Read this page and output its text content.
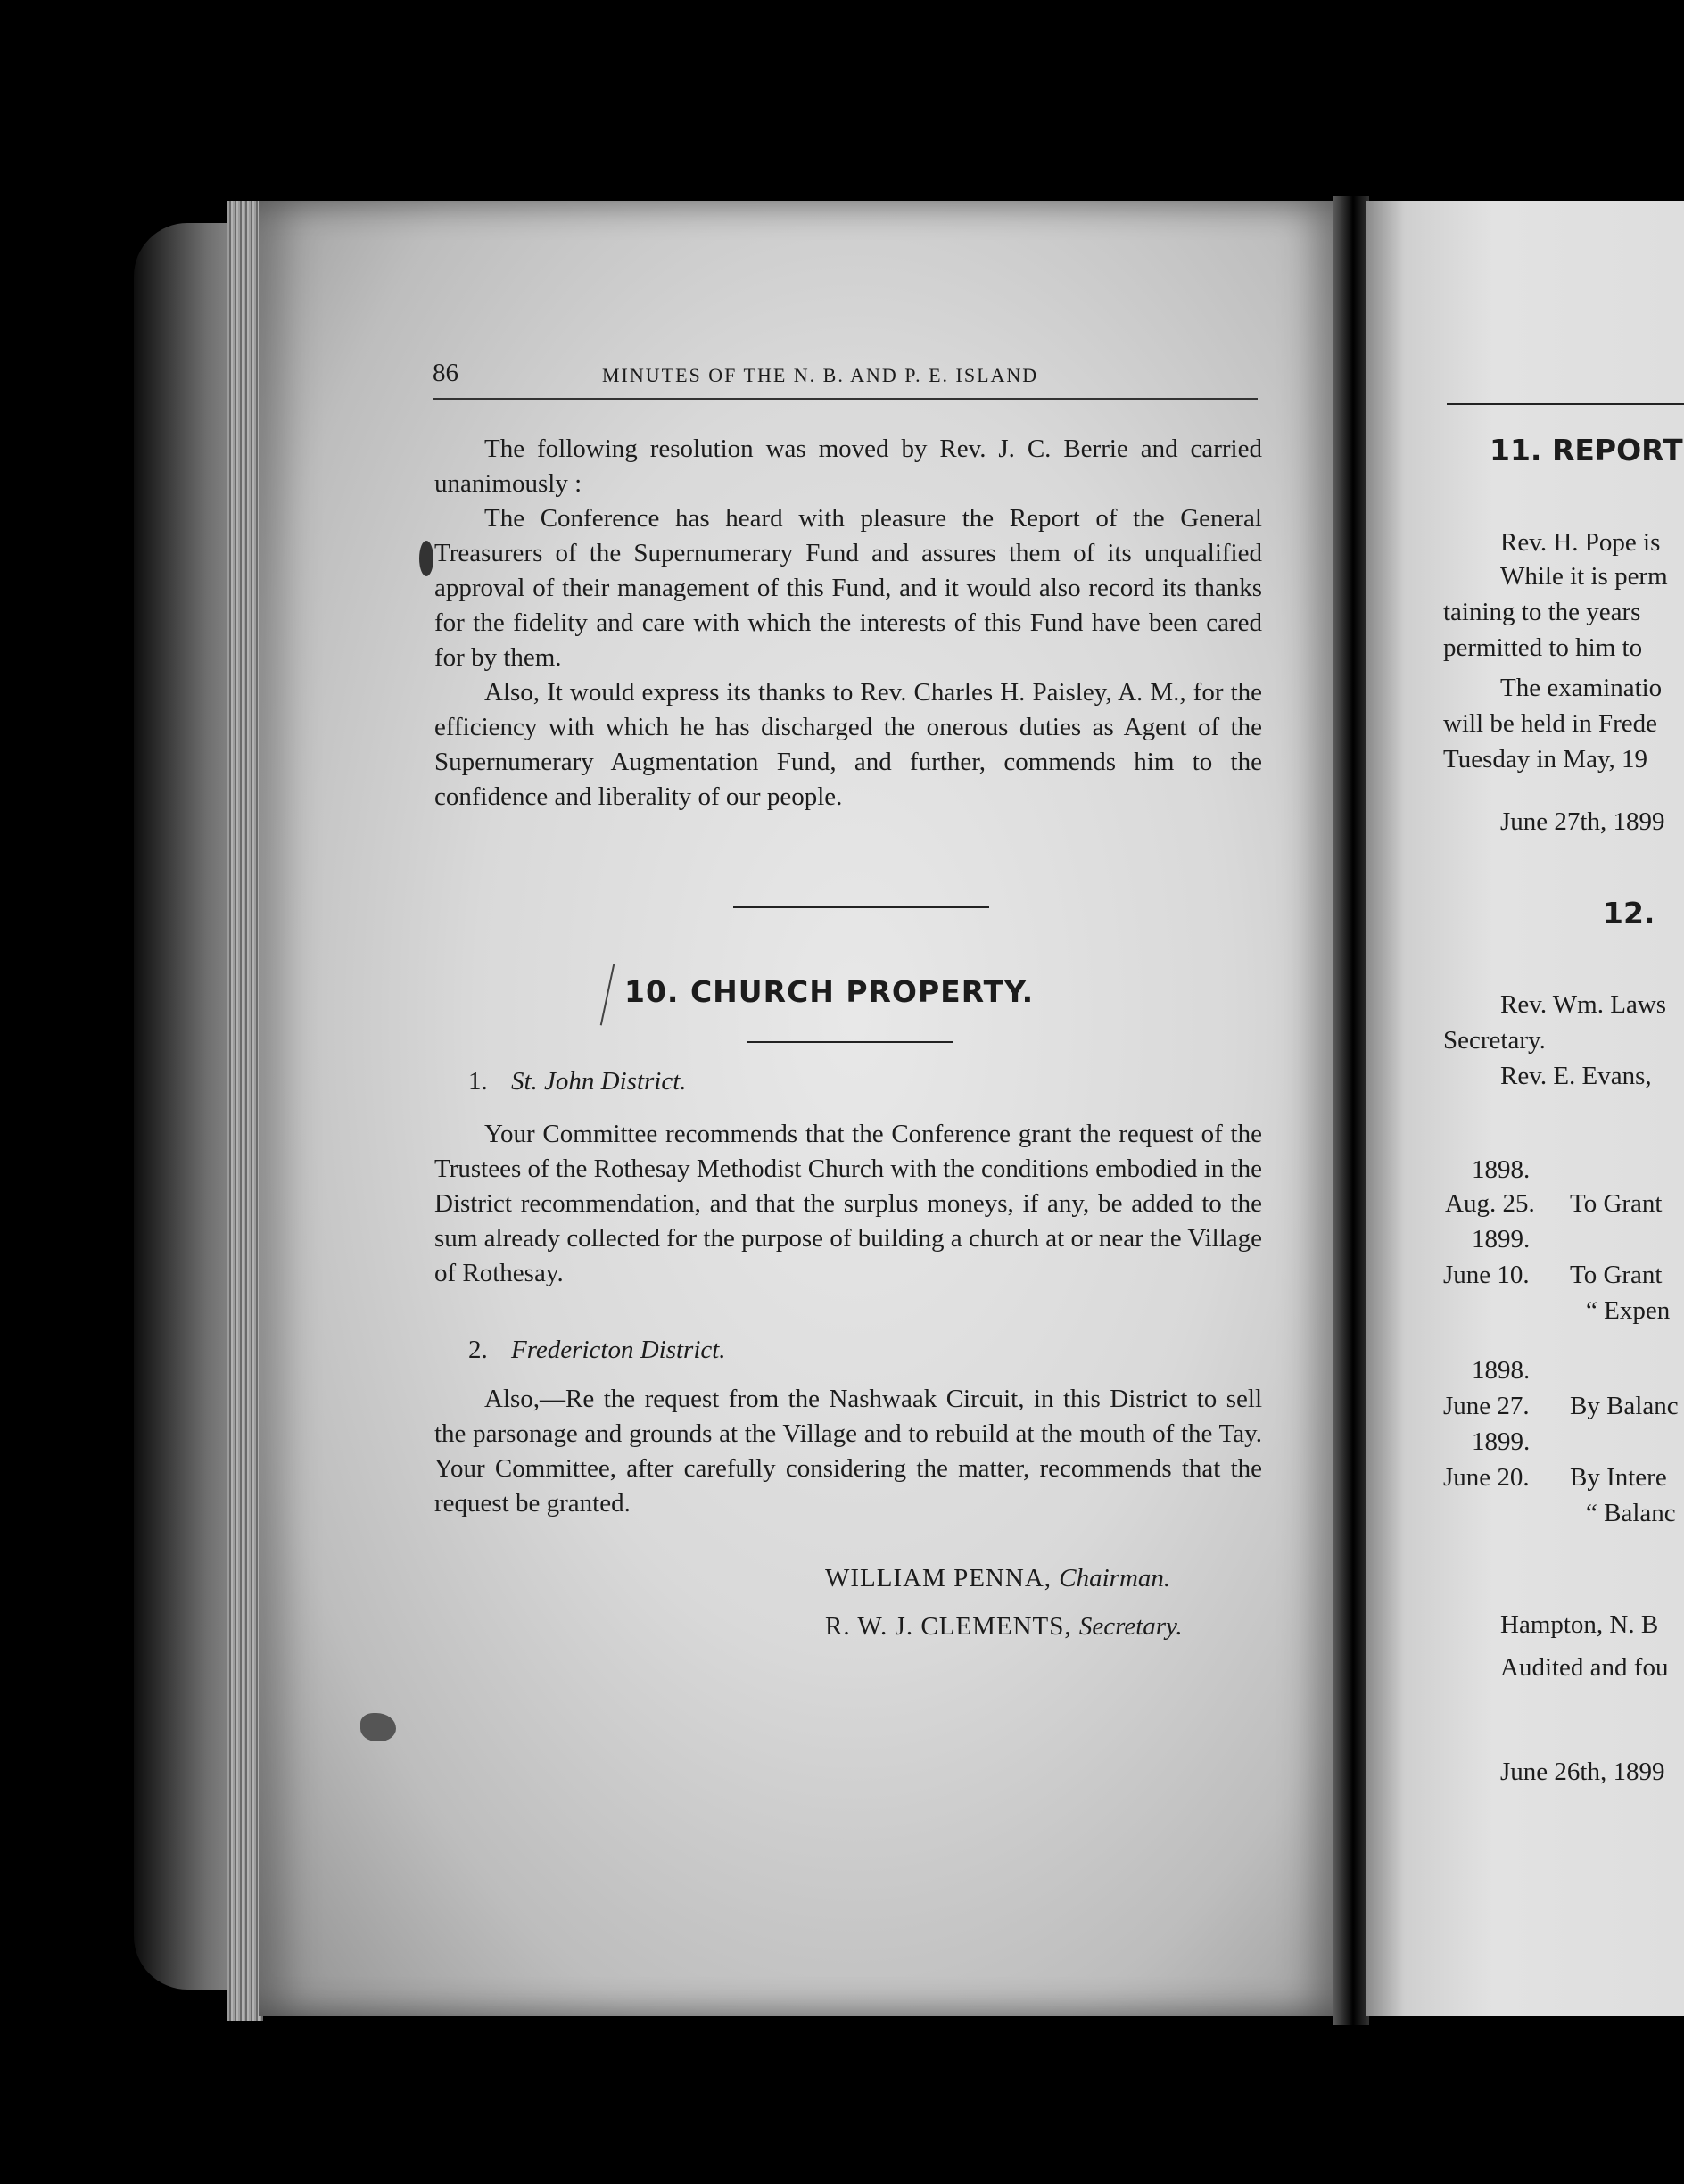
86	MINUTES OF THE N. B. AND P. E. ISLAND

The following resolution was moved by Rev. J. C. Berrie and carried unanimously :

The Conference has heard with pleasure the Report of the General Treasurers of the Supernumerary Fund and assures them of its unqualified approval of their management of this Fund, and it would also record its thanks for the fidelity and care with which the interests of this Fund have been cared for by them.

Also, It would express its thanks to Rev. Charles H. Paisley, A. M., for the efficiency with which he has discharged the onerous duties as Agent of the Supernumerary Augmentation Fund, and further, commends him to the confidence and liberality of our people.

10. CHURCH PROPERTY.
1. St. John District.

Your Committee recommends that the Conference grant the request of the Trustees of the Rothesay Methodist Church with the conditions embodied in the District recommendation, and that the surplus moneys, if any, be added to the sum already collected for the purpose of building a church at or near the Village of Rothesay.

2. Fredericton District.

Also,—Re the request from the Nashwaak Circuit, in this District to sell the parsonage and grounds at the Village and to rebuild at the mouth of the Tay. Your Committee, after carefully considering the matter, recommends that the request be granted.

WILLIAM PENNA, Chairman.
R. W. J. CLEMENTS, Secretary.
11. REPORT
Rev. H. Pope is
While it is perm
taining to the years
permitted to him to
The examinatio
will be held in Frede
Tuesday in May, 19
June 27th, 1899
12.
Rev. Wm. Laws
Secretary.
Rev. E. Evans,
1898.
Aug. 25.	To Grant
1899.
June 10.	To Grant
“ Expen
1898.
June 27.	By Balanc
1899.
June 20.	By Intere
“ Balanc
Hampton, N. B
Audited and fou
June 26th, 1899
